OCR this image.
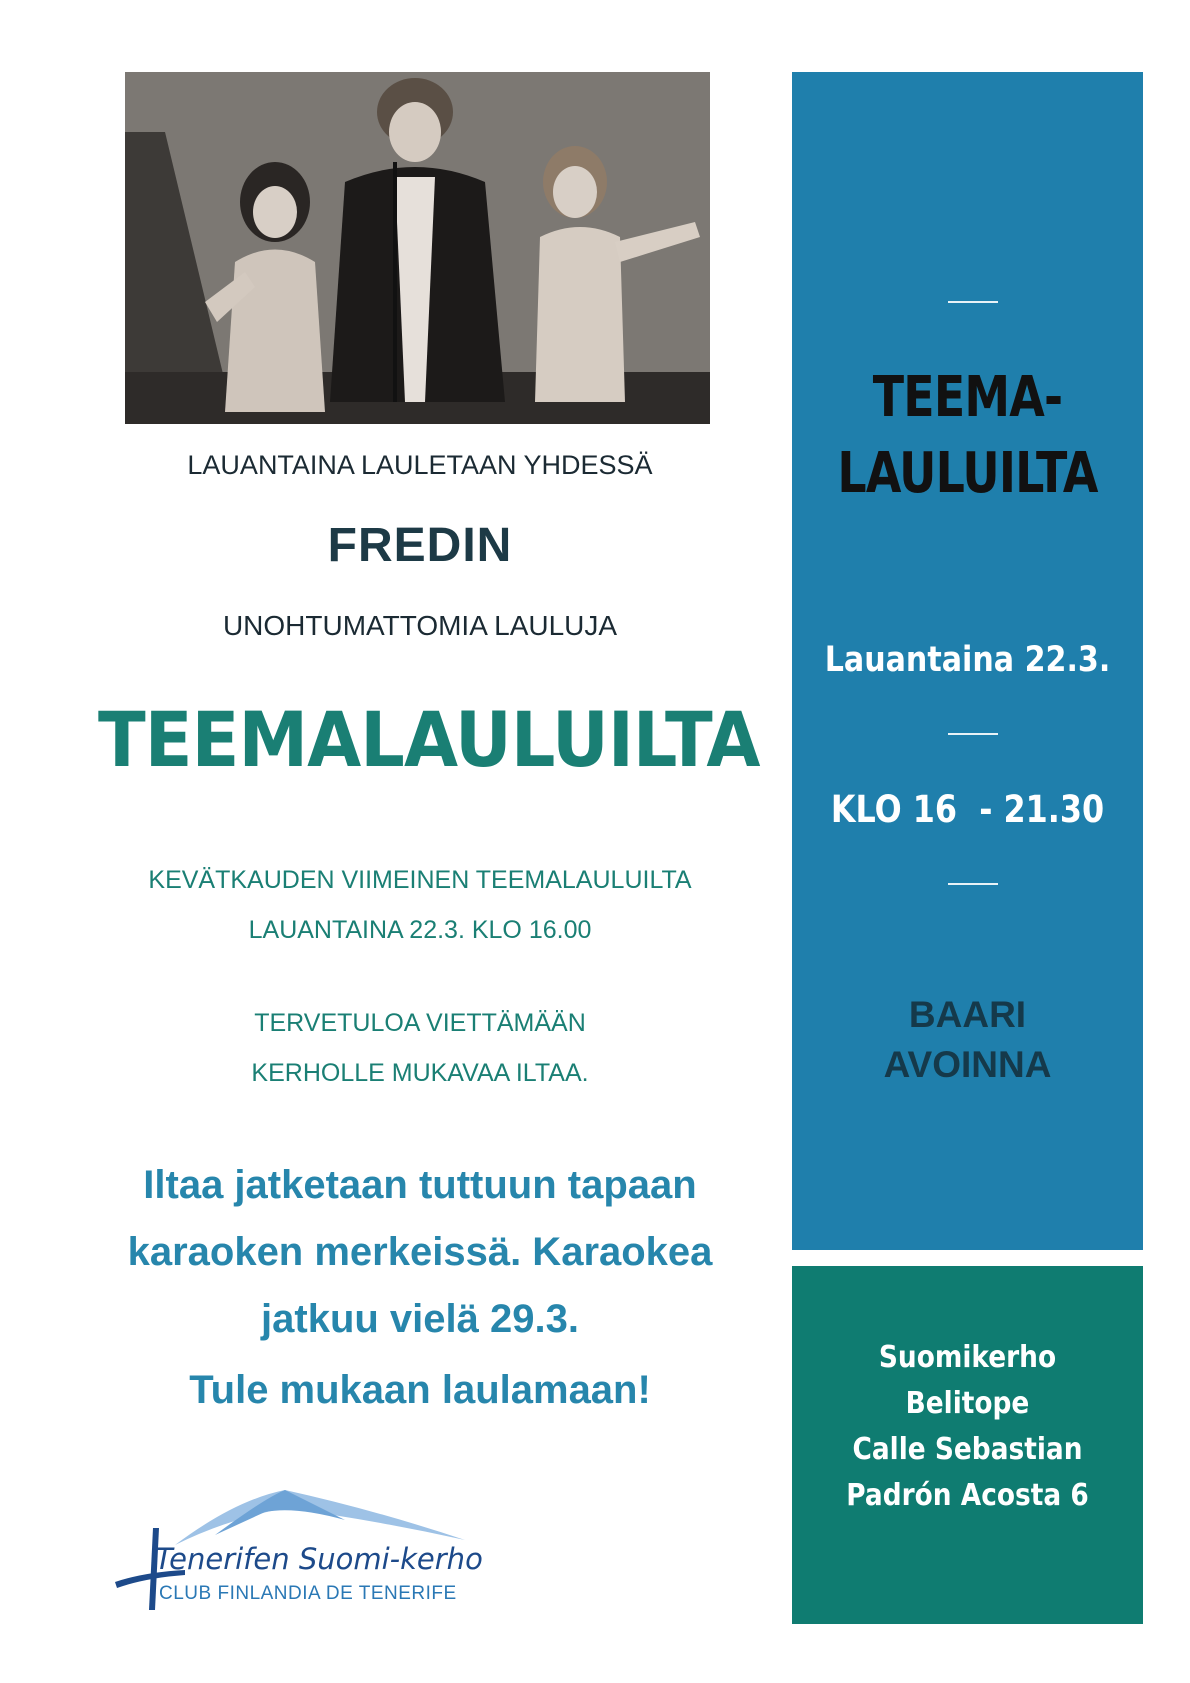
LAUANTAINA LAULETAAN YHDESSÄ
FREDIN
UNOHTUMATTOMIA LAULUJA
TEEMALAULUILTA
KEVÄTKAUDEN VIIMEINEN TEEMALAULUILTA
LAUANTAINA 22.3. KLO 16.00
TERVETULOA VIETTÄMÄÄN
KERHOLLE MUKAVAA ILTAA.
Iltaa jatketaan tuttuun tapaan
karaoken merkeissä. Karaokea
jatkuu vielä 29.3.
Tule mukaan laulamaan!
Tenerifen Suomi-kerho
CLUB FINLANDIA DE TENERIFE
TEEMA-
LAULUILTA
Lauantaina 22.3.
KLO 16  - 21.30
BAARI
AVOINNA
Suomikerho
Belitope
Calle Sebastian
Padrón Acosta 6
